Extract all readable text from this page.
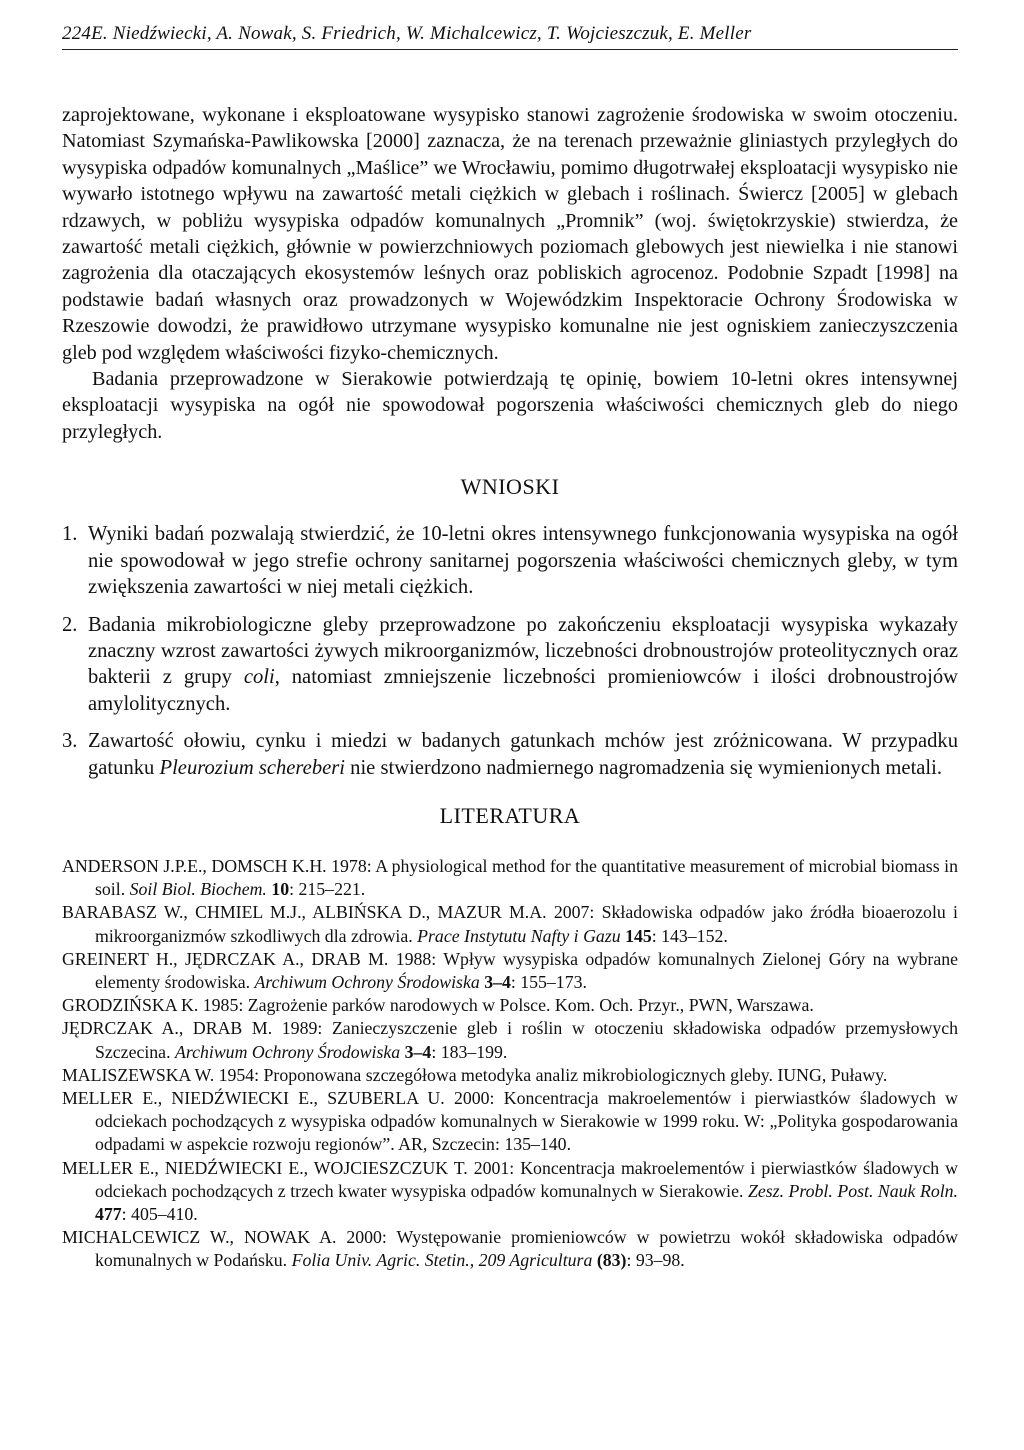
224E. Niedźwiecki, A. Nowak, S. Friedrich, W. Michalcewicz, T. Wojcieszczuk, E. Meller

zaprojektowane, wykonane i eksploatowane wysypisko stanowi zagrożenie środowiska w swoim otoczeniu. Natomiast Szymańska-Pawlikowska [2000] zaznacza, że na terenach przeważnie gliniastych przyległych do wysypiska odpadów komunalnych „Maślice” we Wrocławiu, pomimo długotrwałej eksploatacji wysypisko nie wywarło istotnego wpływu na zawartość metali ciężkich w glebach i roślinach. Świercz [2005] w glebach rdzawych, w pobliżu wysypiska odpadów komunalnych „Promnik” (woj. świętokrzyskie) stwierdza, że zawartość metali ciężkich, głównie w powierzchniowych poziomach glebowych jest niewielka i nie stanowi zagrożenia dla otaczających ekosystemów leśnych oraz pobliskich agrocenoz. Podobnie Szpadt [1998] na podstawie badań własnych oraz prowadzonych w Wojewódzkim Inspektoracie Ochrony Środowiska w Rzeszowie dowodzi, że prawidłowo utrzymane wysypisko komunalne nie jest ogniskiem zanieczyszczenia gleb pod względem właściwości fizyko-chemicznych.

Badania przeprowadzone w Sierakowie potwierdzają tę opinię, bowiem 10-letni okres intensywnej eksploatacji wysypiska na ogół nie spowodował pogorszenia właściwości chemicznych gleb do niego przyległych.

WNIOSKI
1. Wyniki badań pozwalają stwierdzić, że 10-letni okres intensywnego funkcjonowania wysypiska na ogół nie spowodował w jego strefie ochrony sanitarnej pogorszenia właściwości chemicznych gleby, w tym zwiększenia zawartości w niej metali ciężkich.
2. Badania mikrobiologiczne gleby przeprowadzone po zakończeniu eksploatacji wysypiska wykazały znaczny wzrost zawartości żywych mikroorganizmów, liczebności drobnoustrojów proteolitycznych oraz bakterii z grupy coli, natomiast zmniejszenie liczebności promieniowców i ilości drobnoustrojów amylolitycznych.
3. Zawartość ołowiu, cynku i miedzi w badanych gatunkach mchów jest zróżnicowana. W przypadku gatunku Pleurozium schereberi nie stwierdzono nadmiernego nagromadzenia się wymienionych metali.
LITERATURA

ANDERSON J.P.E., DOMSCH K.H. 1978: A physiological method for the quantitative measurement of microbial biomass in soil. Soil Biol. Biochem. 10: 215–221.

BARABASZ W., CHMIEL M.J., ALBIŃSKA D., MAZUR M.A. 2007: Składowiska odpadów jako źródła bioaerozolu i mikroorganizmów szkodliwych dla zdrowia. Prace Instytutu Nafty i Gazu 145: 143–152.

GREINERT H., JĘDRCZAK A., DRAB M. 1988: Wpływ wysypiska odpadów komunalnych Zielonej Góry na wybrane elementy środowiska. Archiwum Ochrony Środowiska 3–4: 155–173.

GRODZIŃSKA K. 1985: Zagrożenie parków narodowych w Polsce. Kom. Och. Przyr., PWN, Warszawa.

JĘDRCZAK A., DRAB M. 1989: Zanieczyszczenie gleb i roślin w otoczeniu składowiska odpadów przemysłowych Szczecina. Archiwum Ochrony Środowiska 3–4: 183–199.

MALISZEWSKA W. 1954: Proponowana szczegółowa metodyka analiz mikrobiologicznych gleby. IUNG, Puławy.

MELLER E., NIEDŹWIECKI E., SZUBERLA U. 2000: Koncentracja makroelementów i pierwiastków śladowych w odciekach pochodzących z wysypiska odpadów komunalnych w Sierakowie w 1999 roku. W: „Polityka gospodarowania odpadami w aspekcie rozwoju regionów”. AR, Szczecin: 135–140.

MELLER E., NIEDŹWIECKI E., WOJCIESZCZUK T. 2001: Koncentracja makroelementów i pierwiastków śladowych w odciekach pochodzących z trzech kwater wysypiska odpadów komunalnych w Sierakowie. Zesz. Probl. Post. Nauk Roln. 477: 405–410.

MICHALCEWICZ W., NOWAK A. 2000: Występowanie promieniowców w powietrzu wokół składowiska odpadów komunalnych w Podańsku. Folia Univ. Agric. Stetin., 209 Agricultura (83): 93–98.
